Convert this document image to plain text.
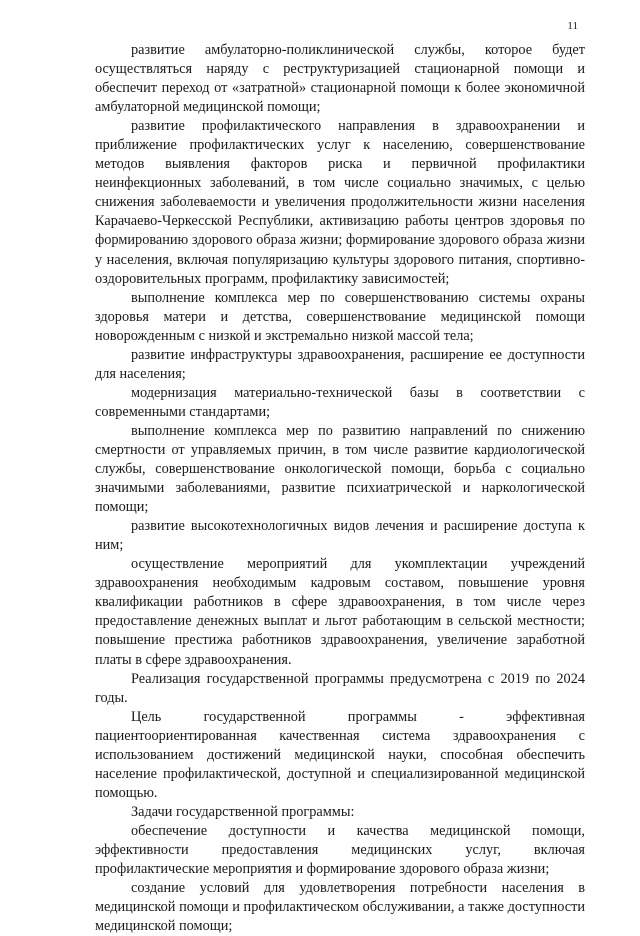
11

развитие амбулаторно-поликлинической службы, которое будет осуществляться наряду с реструктуризацией стационарной помощи и обеспечит переход от «затратной» стационарной помощи к более экономичной амбулаторной медицинской помощи;

развитие профилактического направления в здравоохранении и приближение профилактических услуг к населению, совершенствование методов выявления факторов риска и первичной профилактики неинфекционных заболеваний, в том числе социально значимых, с целью снижения заболеваемости и увеличения продолжительности жизни населения Карачаево-Черкесской Республики, активизацию работы центров здоровья по формированию здорового образа жизни; формирование здорового образа жизни у населения, включая популяризацию культуры здорового питания, спортивно-оздоровительных программ, профилактику зависимостей;

выполнение комплекса мер по совершенствованию системы охраны здоровья матери и детства, совершенствование медицинской помощи новорожденным с низкой и экстремально низкой массой тела;

развитие инфраструктуры здравоохранения, расширение ее доступности для населения;

модернизация материально-технической базы в соответствии с современными стандартами;

выполнение комплекса мер по развитию направлений по снижению смертности от управляемых причин, в том числе развитие кардиологической службы, совершенствование онкологической помощи, борьба с социально значимыми заболеваниями, развитие психиатрической и наркологической помощи;

развитие высокотехнологичных видов лечения и расширение доступа к ним;

осуществление мероприятий для укомплектации учреждений здравоохранения необходимым кадровым составом, повышение уровня квалификации работников в сфере здравоохранения, в том числе через предоставление денежных выплат и льгот работающим в сельской местности; повышение престижа работников здравоохранения, увеличение заработной платы в сфере здравоохранения.

Реализация государственной программы предусмотрена с 2019 по 2024 годы.

Цель государственной программы - эффективная пациентоориентированная качественная система здравоохранения с использованием достижений медицинской науки, способная обеспечить население профилактической, доступной и специализированной медицинской помощью.

Задачи государственной программы:

обеспечение доступности и качества медицинской помощи, эффективности предоставления медицинских услуг, включая профилактические мероприятия и формирование здорового образа жизни;

создание условий для удовлетворения потребности населения в медицинской помощи и профилактическом обслуживании, а также доступности медицинской помощи;
